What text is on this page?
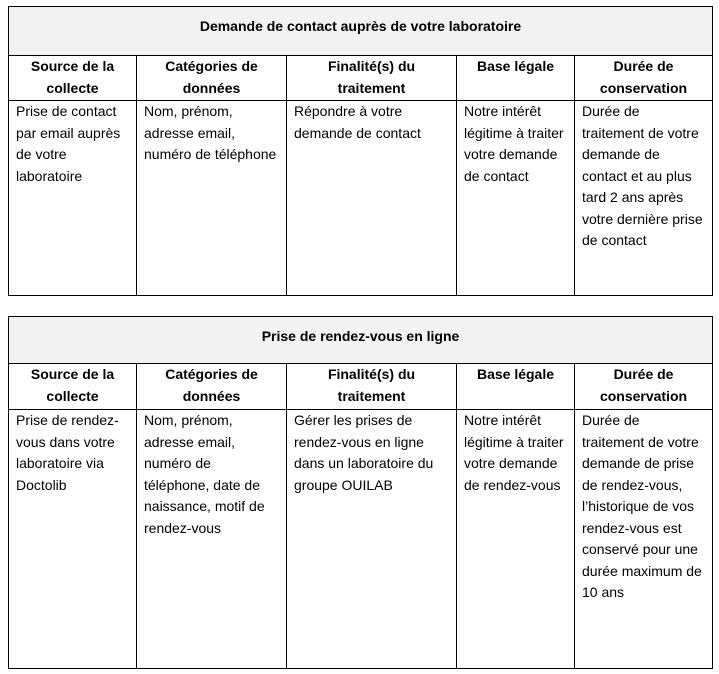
Demande de contact auprès de votre laboratoire				
Source de la collecte	Catégories de données	Finalité(s) du traitement	Base légale	Durée de conservation
Prise de contact par email auprès de votre laboratoire	Nom, prénom, adresse email, numéro de téléphone	Répondre à votre demande de contact	Notre intérêt légitime à traiter votre demande de contact	Durée de traitement de votre demande de contact et au plus tard 2 ans après votre dernière prise de contact
Prise de rendez-vous en ligne				
Source de la collecte	Catégories de données	Finalité(s) du traitement	Base légale	Durée de conservation
Prise de rendez-vous dans votre laboratoire via Doctolib	Nom, prénom, adresse email, numéro de téléphone, date de naissance, motif de rendez-vous	Gérer les prises de rendez-vous en ligne dans un laboratoire du groupe OUILAB	Notre intérêt légitime à traiter votre demande de rendez-vous	Durée de traitement de votre demande de prise de rendez-vous, l’historique de vos rendez-vous est conservé pour une durée maximum de 10 ans
